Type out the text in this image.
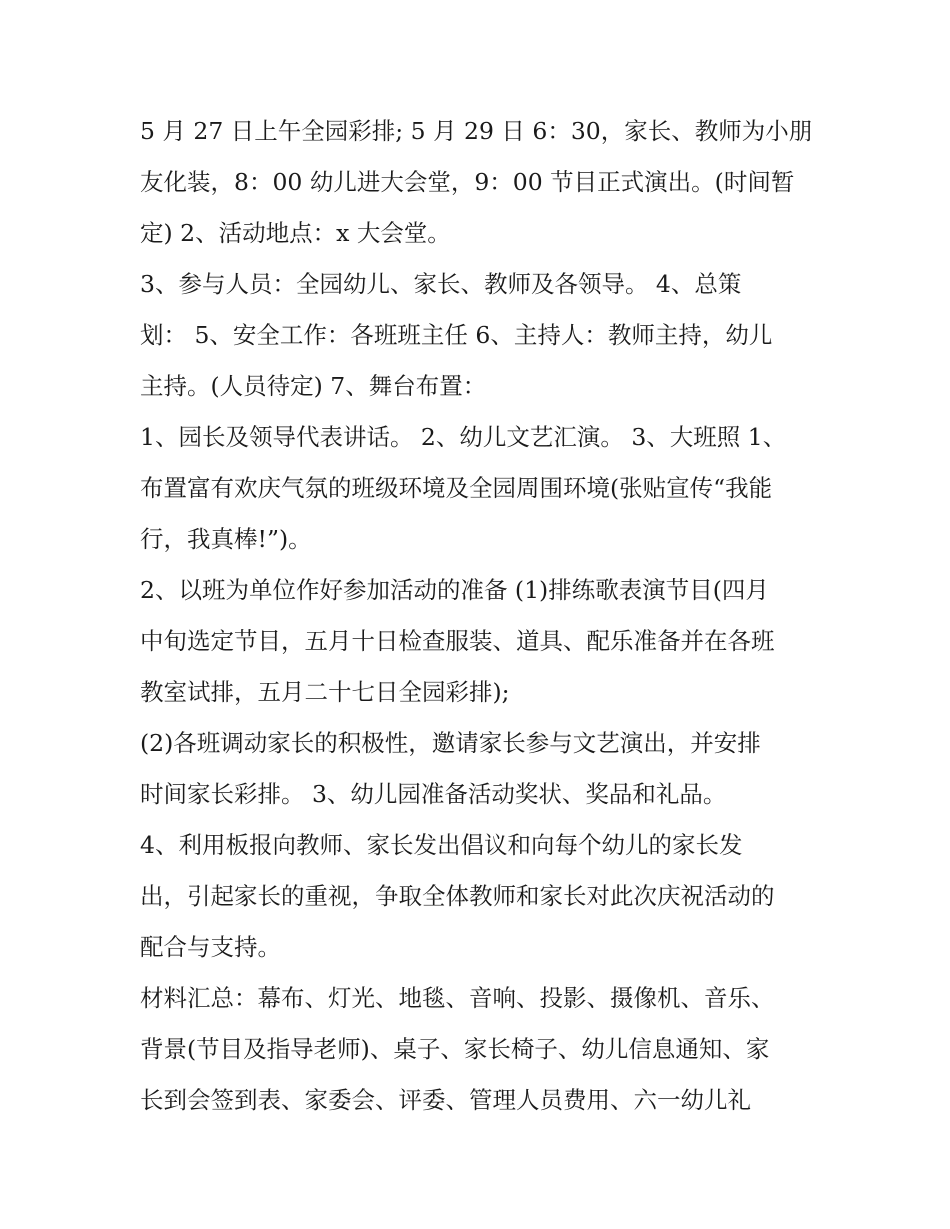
5 月 27 日上午全园彩排; 5 月 29 日 6：30，家长、教师为小朋
友化装，8：00 幼儿进大会堂，9：00 节目正式演出。(时间暂
定) 2、活动地点：x 大会堂。
3、参与人员：全园幼儿、家长、教师及各领导。 4、总策
划： 5、安全工作：各班班主任 6、主持人：教师主持，幼儿
主持。(人员待定) 7、舞台布置：
1、园长及领导代表讲话。 2、幼儿文艺汇演。 3、大班照 1、
布置富有欢庆气氛的班级环境及全园周围环境(张贴宣传“我能
行，我真棒!”)。
2、以班为单位作好参加活动的准备 (1)排练歌表演节目(四月
中旬选定节目，五月十日检查服装、道具、配乐准备并在各班
教室试排，五月二十七日全园彩排);
(2)各班调动家长的积极性，邀请家长参与文艺演出，并安排
时间家长彩排。 3、幼儿园准备活动奖状、奖品和礼品。
4、利用板报向教师、家长发出倡议和向每个幼儿的家长发
出，引起家长的重视，争取全体教师和家长对此次庆祝活动的
配合与支持。
材料汇总：幕布、灯光、地毯、音响、投影、摄像机、音乐、
背景(节目及指导老师)、桌子、家长椅子、幼儿信息通知、家
长到会签到表、家委会、评委、管理人员费用、六一幼儿礼
